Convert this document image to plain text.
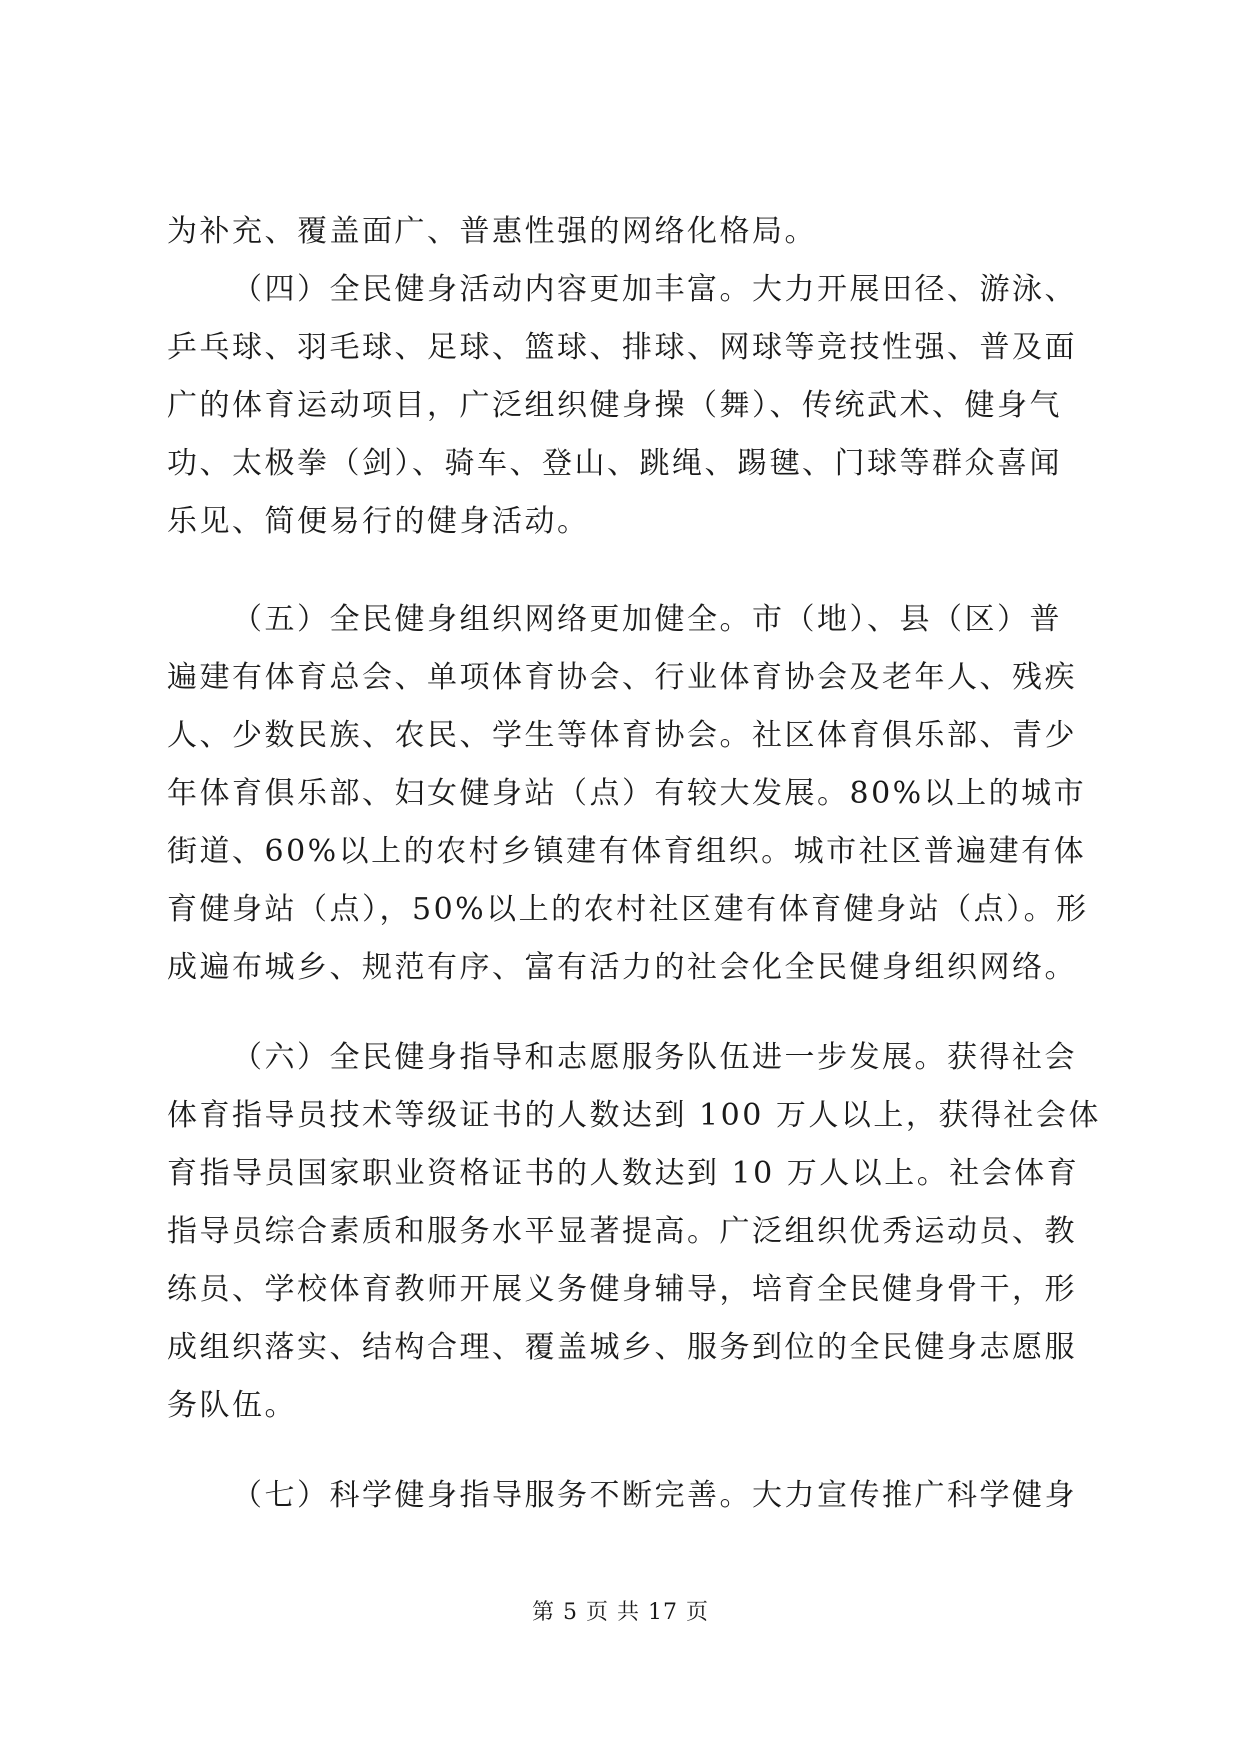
为补充、覆盖面广、普惠性强的网络化格局。
（四）全民健身活动内容更加丰富。大力开展田径、游泳、
乒乓球、羽毛球、足球、篮球、排球、网球等竞技性强、普及面
广的体育运动项目，广泛组织健身操（舞）、传统武术、健身气
功、太极拳（剑）、骑车、登山、跳绳、踢毽、门球等群众喜闻
乐见、简便易行的健身活动。
（五）全民健身组织网络更加健全。市（地）、县（区）普
遍建有体育总会、单项体育协会、行业体育协会及老年人、残疾
人、少数民族、农民、学生等体育协会。社区体育俱乐部、青少
年体育俱乐部、妇女健身站（点）有较大发展。80%以上的城市
街道、60%以上的农村乡镇建有体育组织。城市社区普遍建有体
育健身站（点），50%以上的农村社区建有体育健身站（点）。形
成遍布城乡、规范有序、富有活力的社会化全民健身组织网络。
（六）全民健身指导和志愿服务队伍进一步发展。获得社会
体育指导员技术等级证书的人数达到 100 万人以上，获得社会体
育指导员国家职业资格证书的人数达到 10 万人以上。社会体育
指导员综合素质和服务水平显著提高。广泛组织优秀运动员、教
练员、学校体育教师开展义务健身辅导，培育全民健身骨干，形
成组织落实、结构合理、覆盖城乡、服务到位的全民健身志愿服
务队伍。
（七）科学健身指导服务不断完善。大力宣传推广科学健身
第 5 页 共 17 页
